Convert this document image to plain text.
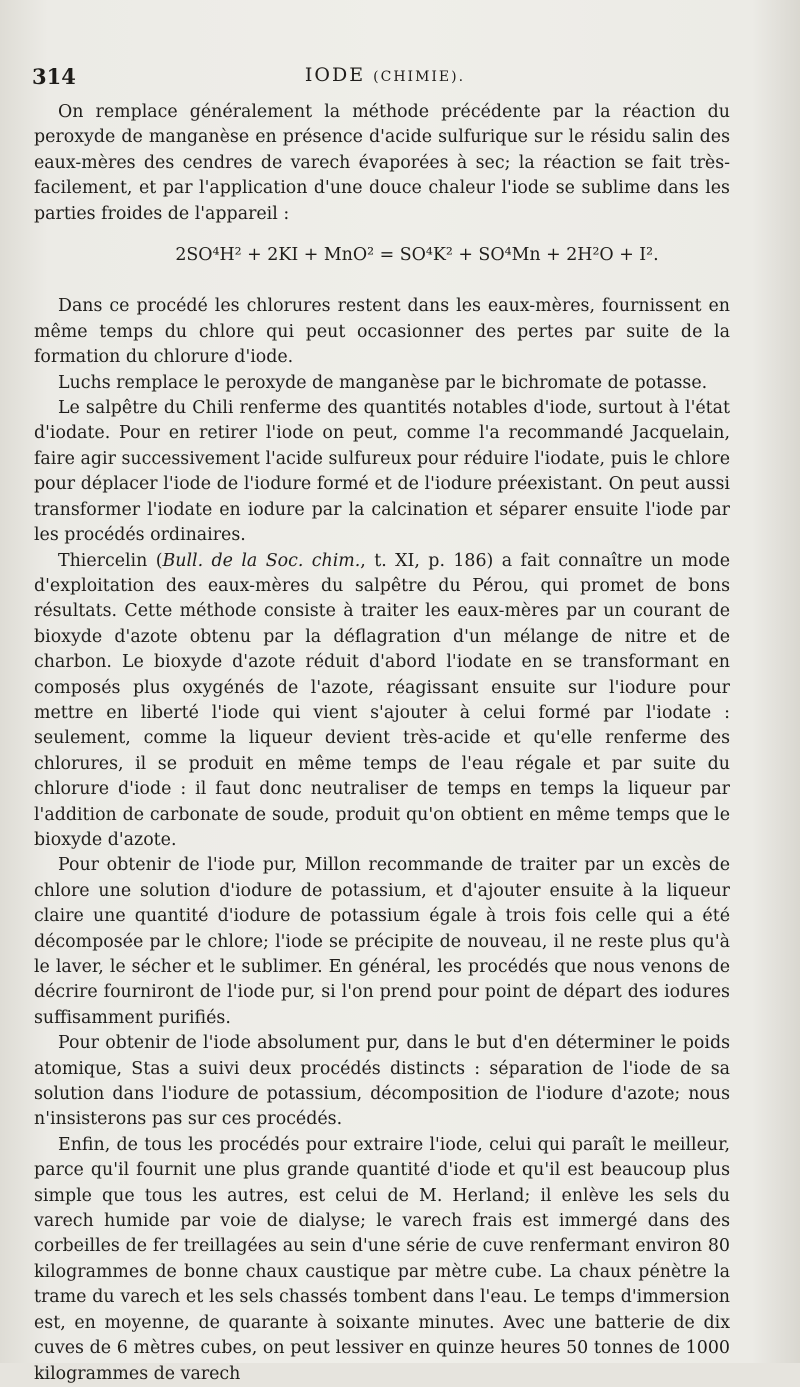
314	IODE (CHIMIE).

On remplace généralement la méthode précédente par la réaction du peroxyde de manganèse en présence d'acide sulfurique sur le résidu salin des eaux-mères des cendres de varech évaporées à sec; la réaction se fait très-facilement, et par l'application d'une douce chaleur l'iode se sublime dans les parties froides de l'appareil :

2SO⁴H² + 2KI + MnO² = SO⁴K² + SO⁴Mn + 2H²O + I².

Dans ce procédé les chlorures restent dans les eaux-mères, fournissent en même temps du chlore qui peut occasionner des pertes par suite de la formation du chlorure d'iode.

Luchs remplace le peroxyde de manganèse par le bichromate de potasse.

Le salpêtre du Chili renferme des quantités notables d'iode, surtout à l'état d'iodate. Pour en retirer l'iode on peut, comme l'a recommandé Jacquelain, faire agir successivement l'acide sulfureux pour réduire l'iodate, puis le chlore pour déplacer l'iode de l'iodure formé et de l'iodure préexistant. On peut aussi transformer l'iodate en iodure par la calcination et séparer ensuite l'iode par les procédés ordinaires.

Thiercelin (Bull. de la Soc. chim., t. XI, p. 186) a fait connaître un mode d'exploitation des eaux-mères du salpêtre du Pérou, qui promet de bons résultats. Cette méthode consiste à traiter les eaux-mères par un courant de bioxyde d'azote obtenu par la déflagration d'un mélange de nitre et de charbon. Le bioxyde d'azote réduit d'abord l'iodate en se transformant en composés plus oxygénés de l'azote, réagissant ensuite sur l'iodure pour mettre en liberté l'iode qui vient s'ajouter à celui formé par l'iodate : seulement, comme la liqueur devient très-acide et qu'elle renferme des chlorures, il se produit en même temps de l'eau régale et par suite du chlorure d'iode : il faut donc neutraliser de temps en temps la liqueur par l'addition de carbonate de soude, produit qu'on obtient en même temps que le bioxyde d'azote.

Pour obtenir de l'iode pur, Millon recommande de traiter par un excès de chlore une solution d'iodure de potassium, et d'ajouter ensuite à la liqueur claire une quantité d'iodure de potassium égale à trois fois celle qui a été décomposée par le chlore; l'iode se précipite de nouveau, il ne reste plus qu'à le laver, le sécher et le sublimer. En général, les procédés que nous venons de décrire fourniront de l'iode pur, si l'on prend pour point de départ des iodures suffisamment purifiés.

Pour obtenir de l'iode absolument pur, dans le but d'en déterminer le poids atomique, Stas a suivi deux procédés distincts : séparation de l'iode de sa solution dans l'iodure de potassium, décomposition de l'iodure d'azote; nous n'insisterons pas sur ces procédés.

Enfin, de tous les procédés pour extraire l'iode, celui qui paraît le meilleur, parce qu'il fournit une plus grande quantité d'iode et qu'il est beaucoup plus simple que tous les autres, est celui de M. Herland; il enlève les sels du varech humide par voie de dialyse; le varech frais est immergé dans des corbeilles de fer treillagées au sein d'une série de cuve renfermant environ 80 kilogrammes de bonne chaux caustique par mètre cube. La chaux pénètre la trame du varech et les sels chassés tombent dans l'eau. Le temps d'immersion est, en moyenne, de quarante à soixante minutes. Avec une batterie de dix cuves de 6 mètres cubes, on peut lessiver en quinze heures 50 tonnes de 1000 kilogrammes de varech
